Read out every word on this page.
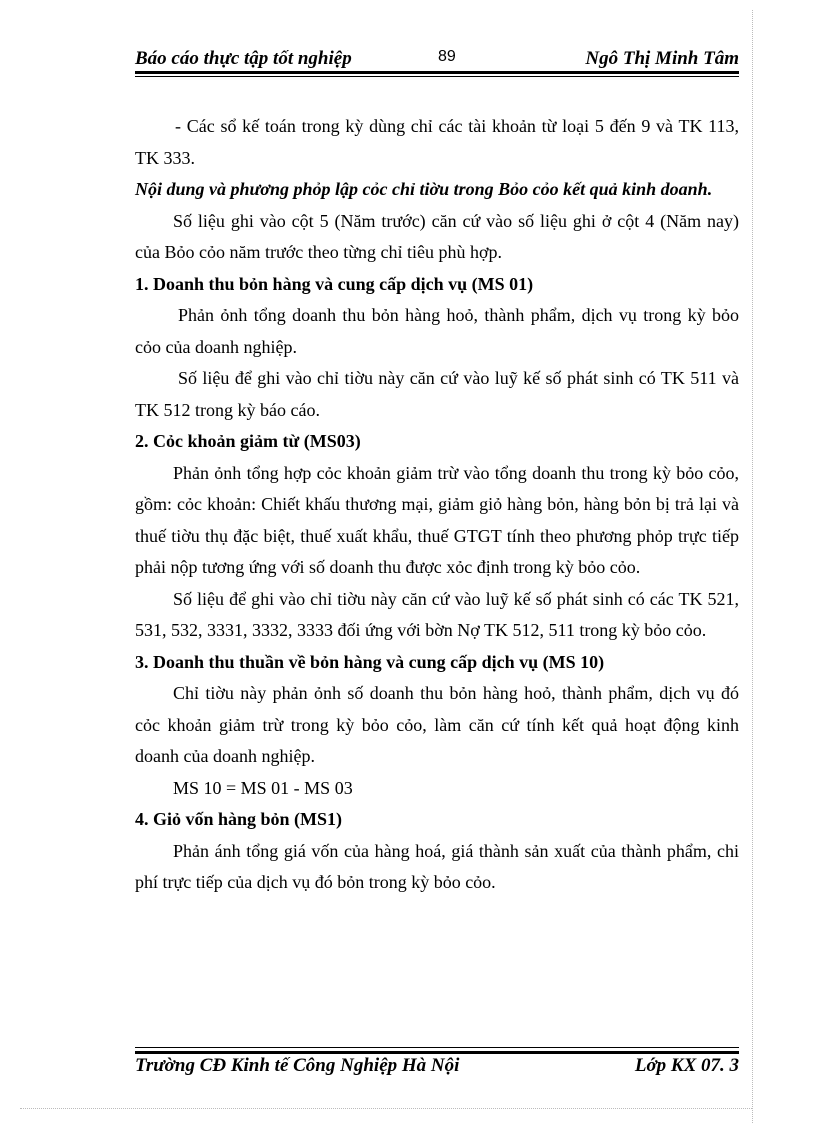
Báo cáo thực tập tốt nghiệp	89	Ngô Thị Minh Tâm

- Các sổ kế toán trong kỳ dùng chỉ các tài khoản từ loại 5 đến 9 và TK 113, TK 333.

Nội dung và phương phỏp lập cỏc chỉ tiờu trong Bỏo cỏo kết quả kinh doanh.

Số liệu ghi vào cột 5 (Năm trước) căn cứ vào số liệu ghi ở cột 4 (Năm nay) của Bỏo cỏo năm trước theo từng chỉ tiêu phù hợp.

1. Doanh thu bỏn hàng và cung cấp dịch vụ (MS 01)

Phản ỏnh tổng doanh thu bỏn hàng hoỏ, thành phẩm, dịch vụ trong kỳ bỏo cỏo của doanh nghiệp.

Số liệu để ghi vào chỉ tiờu này căn cứ vào luỹ kế số phát sinh có TK 511 và TK 512 trong kỳ báo cáo.

2. Cỏc khoản giảm từ (MS03)

Phản ỏnh tổng hợp cỏc khoản giảm trừ vào tổng doanh thu trong kỳ bỏo cỏo, gồm: cỏc khoản: Chiết khấu thương mại, giảm giỏ hàng bỏn, hàng bỏn bị trả lại và thuế tiờu thụ đặc biệt, thuế xuất khẩu, thuế GTGT tính theo phương phỏp trực tiếp phải nộp tương ứng với số doanh thu được xỏc định trong kỳ bỏo cỏo.

Số liệu để ghi vào chỉ tiờu này căn cứ vào luỹ kế số phát sinh có các TK 521, 531, 532, 3331, 3332, 3333 đối ứng với bờn Nợ TK 512, 511 trong kỳ bỏo cỏo.

3. Doanh thu thuần về bỏn hàng và cung cấp dịch vụ (MS 10)

Chỉ tiờu này phản ỏnh số doanh thu bỏn hàng hoỏ, thành phẩm, dịch vụ đó cỏc khoản giảm trừ trong kỳ bỏo cỏo, làm căn cứ tính kết quả hoạt động kinh doanh của doanh nghiệp.

MS 10 = MS 01 - MS 03

4. Giỏ vốn hàng bỏn (MS1)

Phản ánh tổng giá vốn của hàng hoá, giá thành sản xuất của thành phẩm, chi phí trực tiếp của dịch vụ đó bỏn trong kỳ bỏo cỏo.

Trường CĐ Kinh tế Công Nghiệp Hà Nội	Lớp KX 07. 3
